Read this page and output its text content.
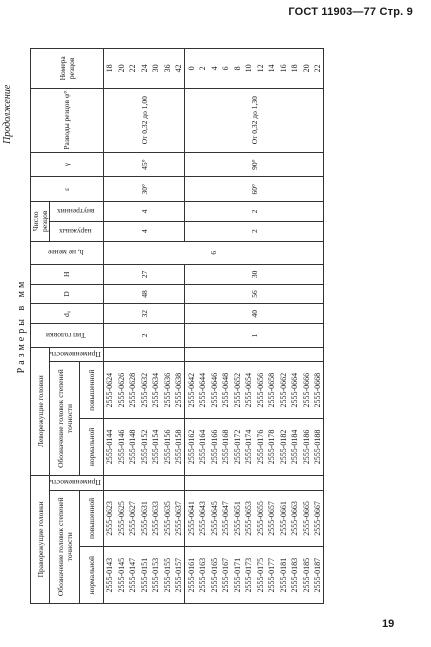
ГОСТ 11903—77 Стр. 9
19
Продолжение
Размеры в мм
Праворежущие головки			Леворежущие головки			Тип головки	d₀	D	H	h, не менее	Число резцов		ε	γ	Разводы резцов φ°	Номера резцов
Обозначение головок степеней точности		Применяемость	Обозначение головок степеней точности		Применяемость						наружных	внутренних				
нормальной	повышенной		нормальной	повышенной												
2555-0143	2555-0623		2555-0144	2555-0624		2	32	48	27	6	4	4	30°	45°	От 0,32 до 1,00	18
2555-0145	2555-0625		2555-0146	2555-0626												20
2555-0147	2555-0627		2555-0148	2555-0628												22
2555-0151	2555-0631		2555-0152	2555-0632												24
2555-0153	2555-0633		2555-0154	2555-0634												30
2555-0155	2555-0635		2555-0156	2555-0636												36
2555-0157	2555-0637		2555-0158	2555-0638												42
2555-0161	2555-0641		2555-0162	2555-0642		1	40	56	30		2	2	60°	90°	От 0,32 до 1,30	0
2555-0163	2555-0643		2555-0164	2555-0644												2
2555-0165	2555-0645		2555-0166	2555-0646												4
2555-0167	2555-0647		2555-0168	2555-0648												6
2555-0171	2555-0651		2555-0172	2555-0652												8
2555-0173	2555-0653		2555-0174	2555-0654												10
2555-0175	2555-0655		2555-0176	2555-0656												12
2555-0177	2555-0657		2555-0178	2555-0658												14
2555-0181	2555-0661		2555-0182	2555-0662												16
2555-0183	2555-0663		2555-0184	2555-0664												18
2555-0185	2555-0665		2555-0186	2555-0666												20
2555-0187	2555-0667		2555-0188	2555-0668												22
